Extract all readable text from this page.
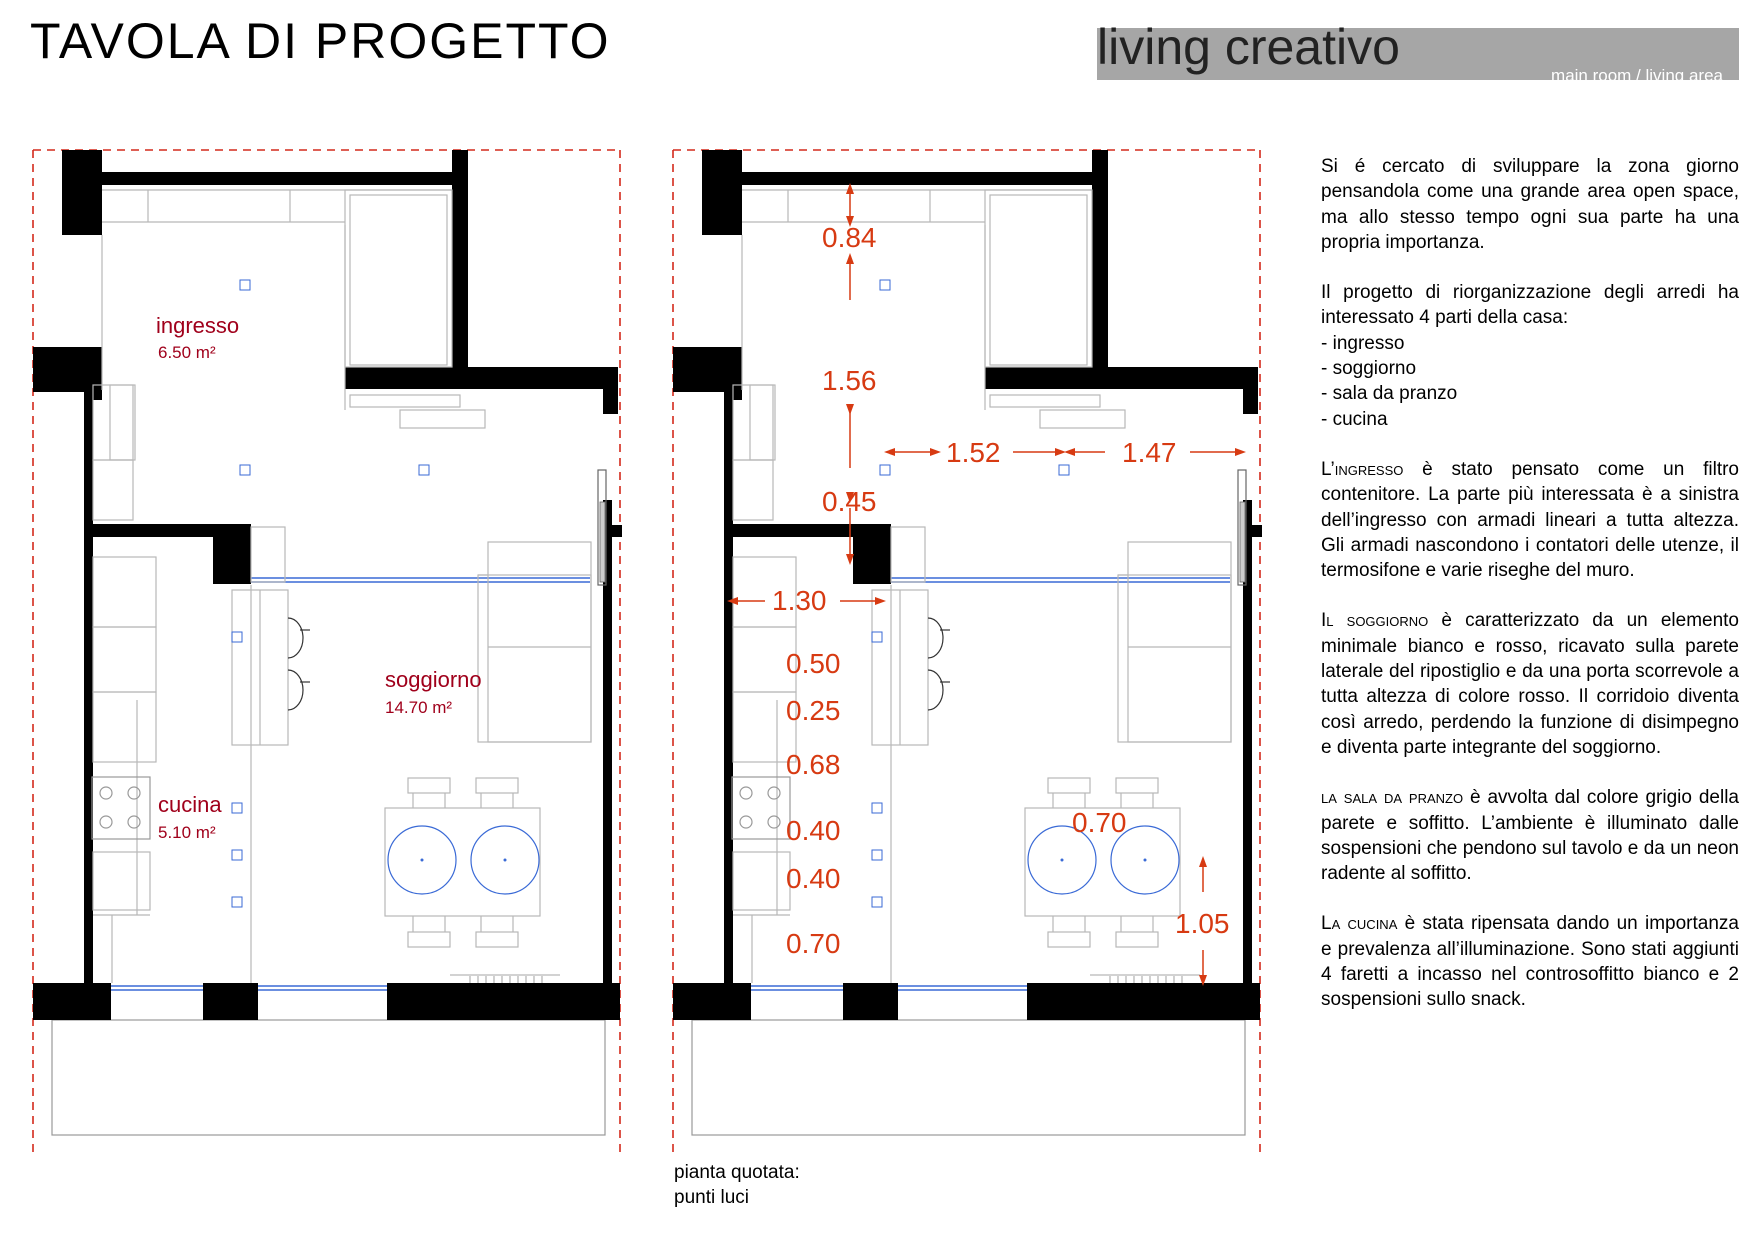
TAVOLA DI PROGETTO
main room / living area
Bologna / Itay
living creativo
ingresso
6.50 m²
soggiorno
14.70 m²
cucina
5.10 m²
0.84
1.56
1.52	1.47
0.45
1.30
0.50
0.25
0.68
0.40
0.40
0.70
0.70
1.05
pianta quotata:
punti luci

Si é cercato di sviluppare la zona giorno pensandola come una grande area open space, ma allo stesso tempo ogni sua parte ha una propria importanza.

Il progetto di riorganizzazione degli arredi ha interessato 4 parti della casa:
- ingresso
- soggiorno
- sala da pranzo
- cucina

L’ingresso è stato pensato come un filtro contenitore. La parte più interessata è a sinistra dell’ingresso con armadi lineari a tutta altezza. Gli armadi nascondono i contatori delle utenze, il termosifone e varie riseghe del muro.

Il soggiorno è caratterizzato da un elemento minimale bianco e rosso, ricavato sulla parete laterale del ripostiglio e da una porta scorrevole a tutta altezza di colore rosso. Il corridoio diventa così arredo, perdendo la funzione di disimpegno e diventa parte integrante del soggiorno.

la sala da pranzo è avvolta dal colore grigio della parete e soffitto. L’ambiente è illuminato dalle sospensioni che pendono sul tavolo e da un neon radente al soffitto.

La cucina è stata ripensata dando un importanza e prevalenza all’illuminazione. Sono stati aggiunti 4 faretti a incasso nel controsoffitto bianco e 2 sospensioni sullo snack.
